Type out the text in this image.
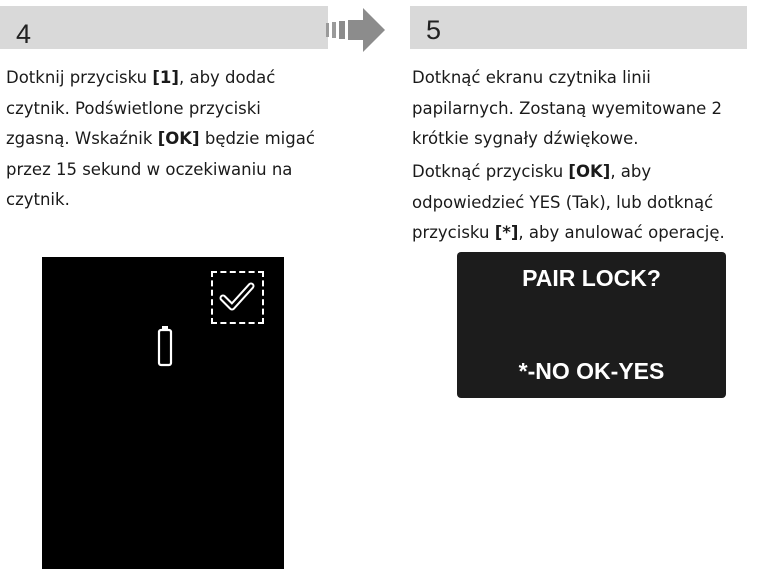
4	5

Dotknij przycisku [1], aby dodać czytnik. Podświetlone przyciski zgasną. Wskaźnik [OK] będzie migać przez 15 sekund w oczekiwaniu na czytnik.

Dotknąć ekranu czytnika linii papilarnych. Zostaną wyemitowane 2 krótkie sygnały dźwiękowe.

Dotknąć przycisku [OK], aby odpowiedzieć YES (Tak), lub dotknąć przycisku [*], aby anulować operację.

PAIR LOCK?
*-NO OK-YES
